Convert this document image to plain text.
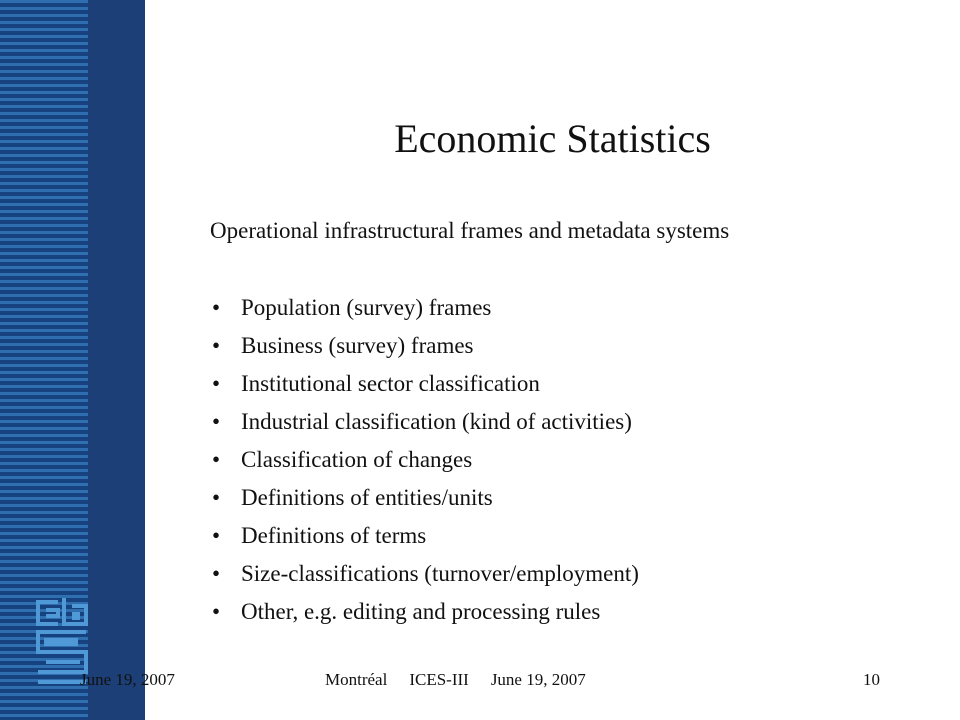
Economic Statistics
Operational infrastructural frames and metadata systems
• Population (survey) frames
• Business (survey) frames
• Institutional sector classification
• Industrial classification (kind of activities)
• Classification of changes
• Definitions of entities/units
• Definitions of terms
• Size-classifications (turnover/employment)
• Other, e.g. editing and processing rules
June 19, 2007	Montréal ICES-III June 19, 2007	10
